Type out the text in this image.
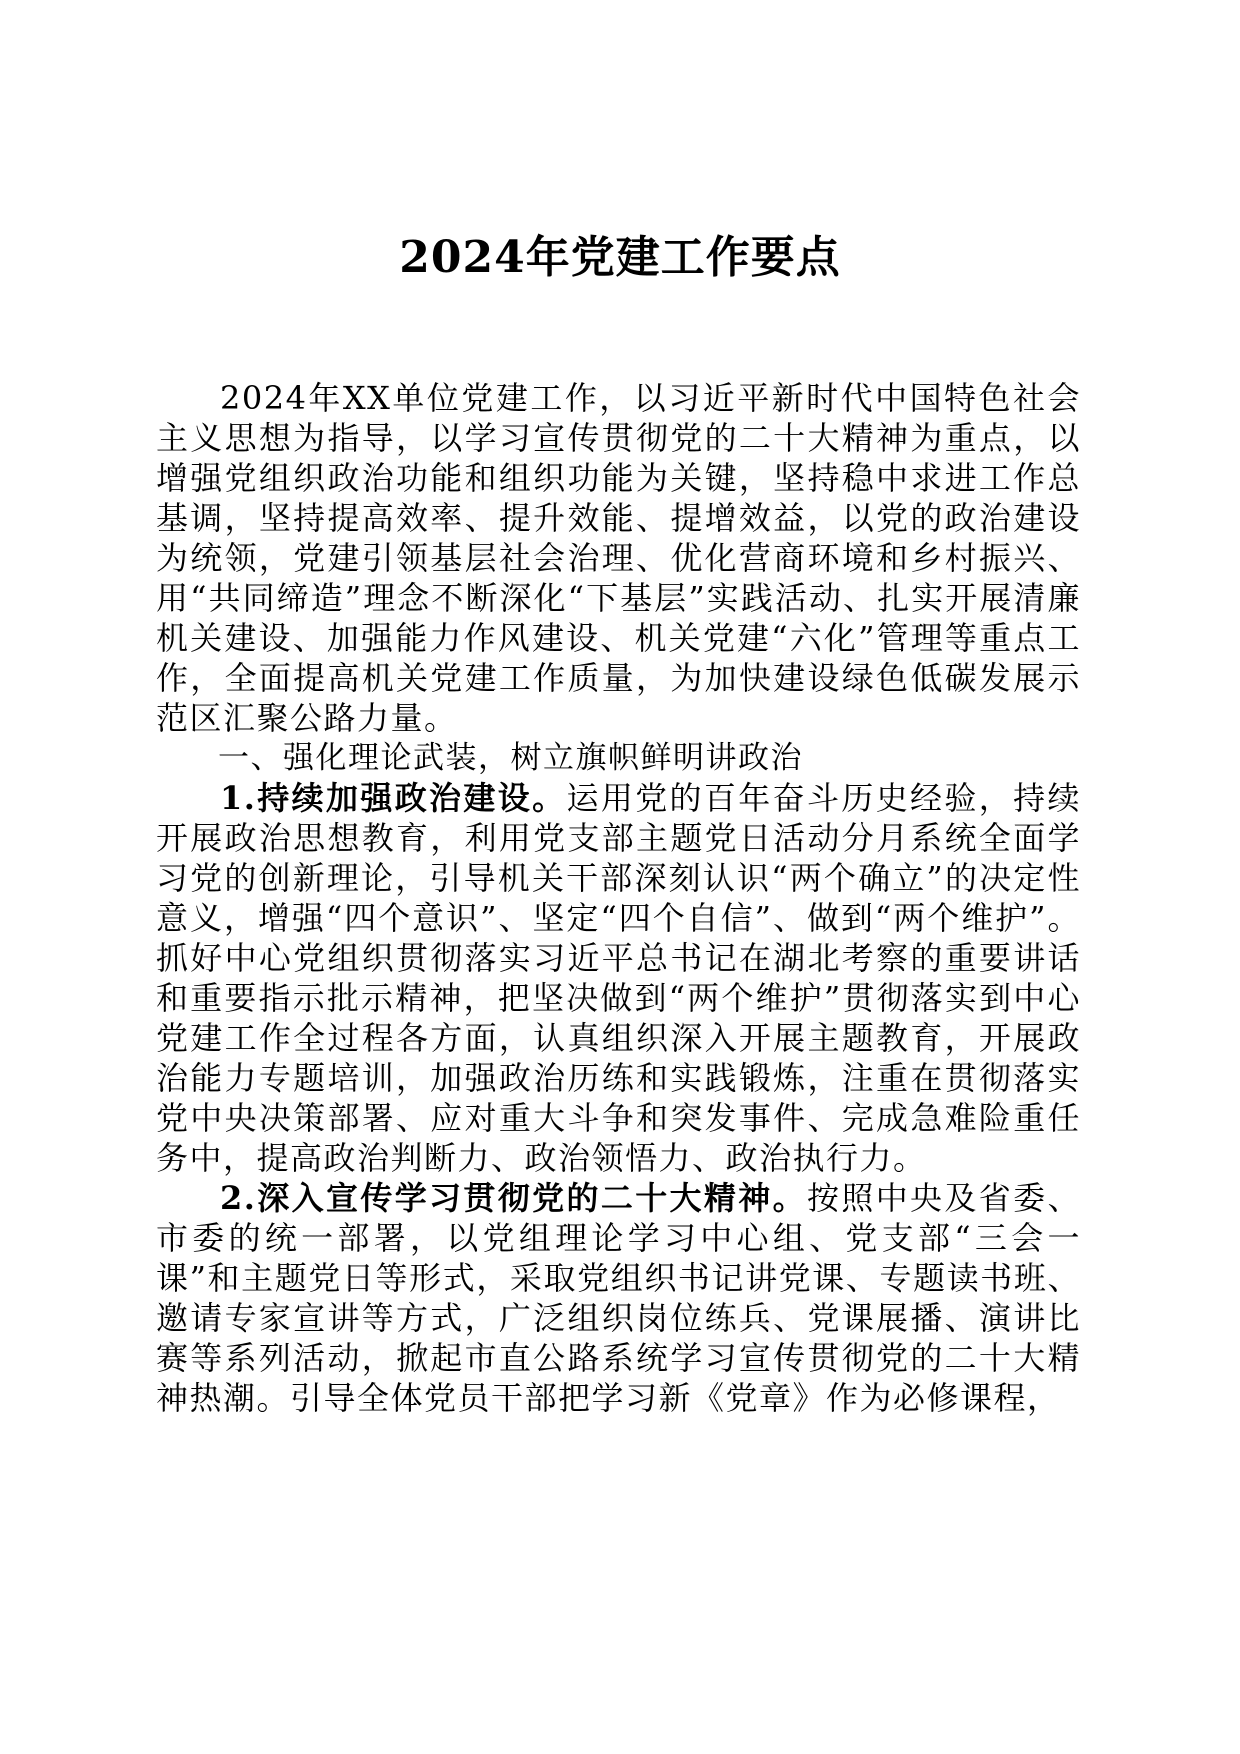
2024年党建工作要点

2024年XX单位党建工作，以习近平新时代中国特色社会主义思想为指导，以学习宣传贯彻党的二十大精神为重点，以增强党组织政治功能和组织功能为关键，坚持稳中求进工作总基调，坚持提高效率、提升效能、提增效益，以党的政治建设为统领，党建引领基层社会治理、优化营商环境和乡村振兴、用“共同缔造”理念不断深化“下基层”实践活动、扎实开展清廉机关建设、加强能力作风建设、机关党建“六化”管理等重点工作，全面提高机关党建工作质量，为加快建设绿色低碳发展示范区汇聚公路力量。

一、强化理论武装，树立旗帜鲜明讲政治

1.持续加强政治建设。运用党的百年奋斗历史经验，持续开展政治思想教育，利用党支部主题党日活动分月系统全面学习党的创新理论，引导机关干部深刻认识“两个确立”的决定性意义，增强“四个意识”、坚定“四个自信”、做到“两个维护”。抓好中心党组织贯彻落实习近平总书记在湖北考察的重要讲话和重要指示批示精神，把坚决做到“两个维护”贯彻落实到中心党建工作全过程各方面，认真组织深入开展主题教育，开展政治能力专题培训，加强政治历练和实践锻炼，注重在贯彻落实党中央决策部署、应对重大斗争和突发事件、完成急难险重任务中，提高政治判断力、政治领悟力、政治执行力。

2.深入宣传学习贯彻党的二十大精神。按照中央及省委、市委的统一部署，以党组理论学习中心组、党支部“三会一课”和主题党日等形式，采取党组织书记讲党课、专题读书班、邀请专家宣讲等方式，广泛组织岗位练兵、党课展播、演讲比赛等系列活动，掀起市直公路系统学习宣传贯彻党的二十大精神热潮。引导全体党员干部把学习新《党章》作为必修课程，
